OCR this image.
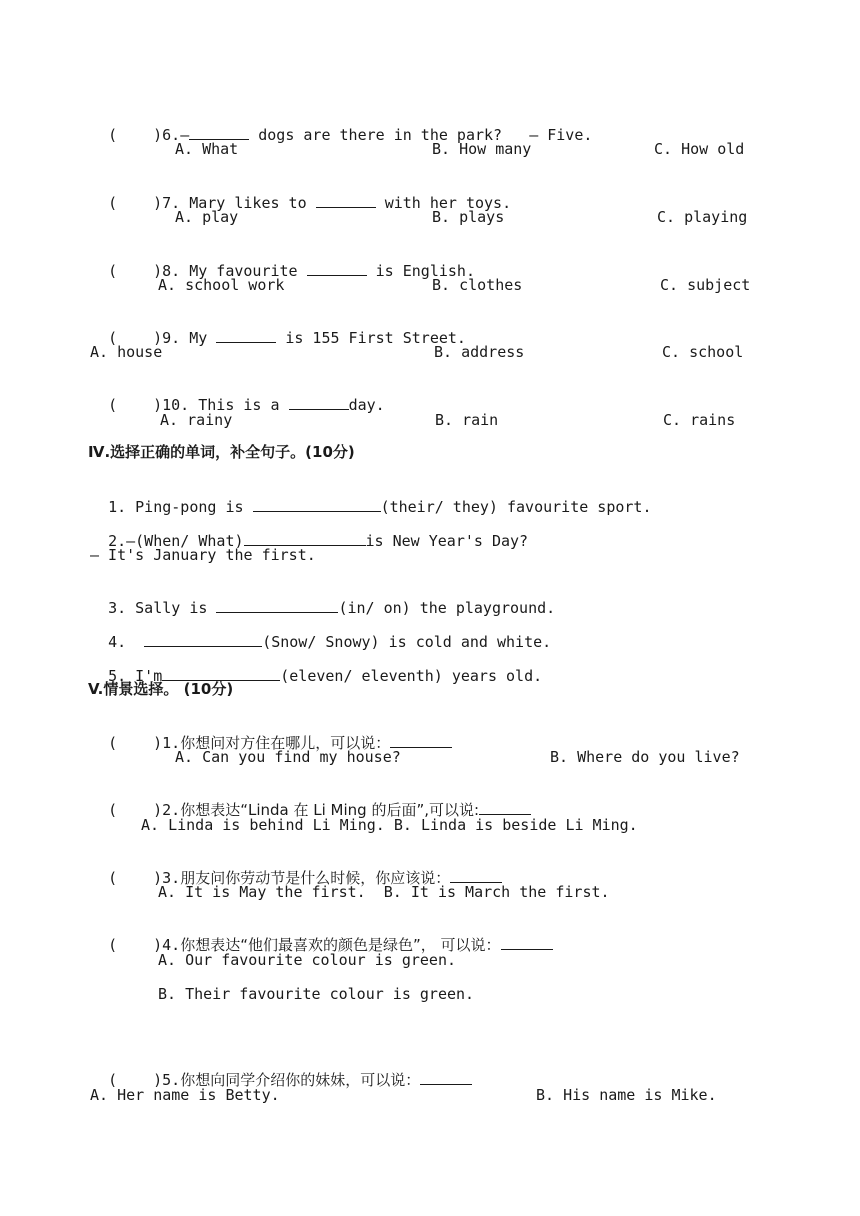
( )6.—	dogs are there in the park? — Five.

A. What	B. How many	C. How old

( )7. Mary likes to	with her toys.

A. play	B. plays	C. playing

( )8. My favourite	is English.

A. school work	B. clothes	C. subject

( )9. My	is 155 First Street.

A. house	B. address	C. school

( )10. This is a	day.

A. rainy	B. rain	C. rains
Ⅳ.选择正确的单词，补全句子。(10分)

1. Ping-pong is	(their/ they) favourite sport.

2.—(When/ What)	is New Year's Day?

— It's January the first.

3. Sally is	(in/ on) the playground.

4.	(Snow/ Snowy) is cold and white.

5. I'm	(eleven/ eleventh) years old.

V.情景选择。 (10分)

( )1.你想问对方住在哪儿，可以说：

A. Can you find my house?	B. Where do you live?

( )2.你想表达“Linda 在 Li Ming 的后面”,可以说:

A. Linda is behind Li Ming. B. Linda is beside Li Ming.

( )3.朋友问你劳动节是什么时候，你应该说：

A. It is May the first.  B. It is March the first.

( )4.你想表达“他们最喜欢的颜色是绿色”， 可以说：

A. Our favourite colour is green.
B. Their favourite colour is green.

( )5.你想向同学介绍你的妹妹，可以说：

A. Her name is Betty.	B. His name is Mike.
